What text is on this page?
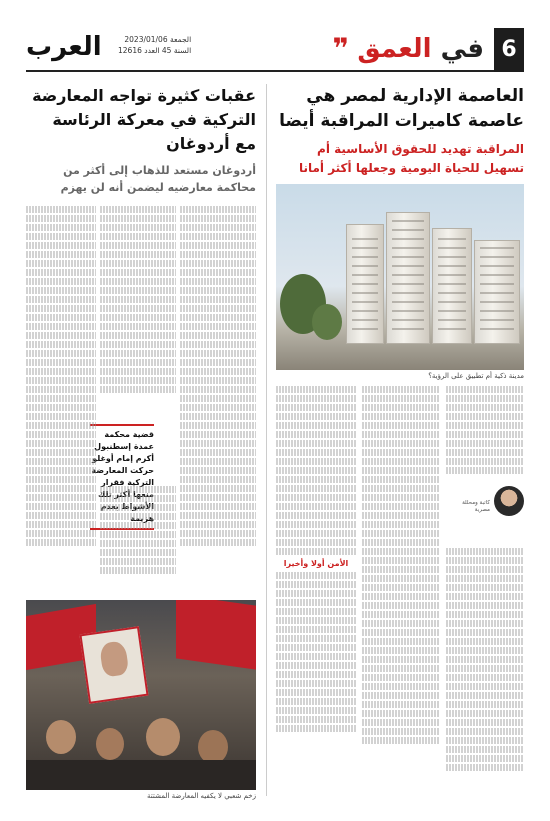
6
في العمق
❞
الجمعة 2023/01/06
السنة 45 العدد 12616
العرب
العاصمة الإدارية لمصر هي عاصمة كاميرات المراقبة أيضا
المراقبة تهديد للحقوق الأساسية أم تسهيل للحياة اليومية وجعلها أكثر أمانا
مدينة ذكية أم تطبيق على الرؤية؟
كاتبة ومحللة مصرية
الأمن أولا وأخيرا
عقبات كثيرة تواجه المعارضة التركية في معركة الرئاسة مع أردوغان
أردوغان مستعد للذهاب إلى أكثر من محاكمة معارضيه ليضمن أنه لن يهزم
قضية محكمة عمدة إسطنبول أكرم إمام أوغلو حركت المعارضة التركية فقرار منعها أكثر تلك الأشواط بعدم هزيمة
زخم شعبي لا يكفيه المعارضة المشتتة
